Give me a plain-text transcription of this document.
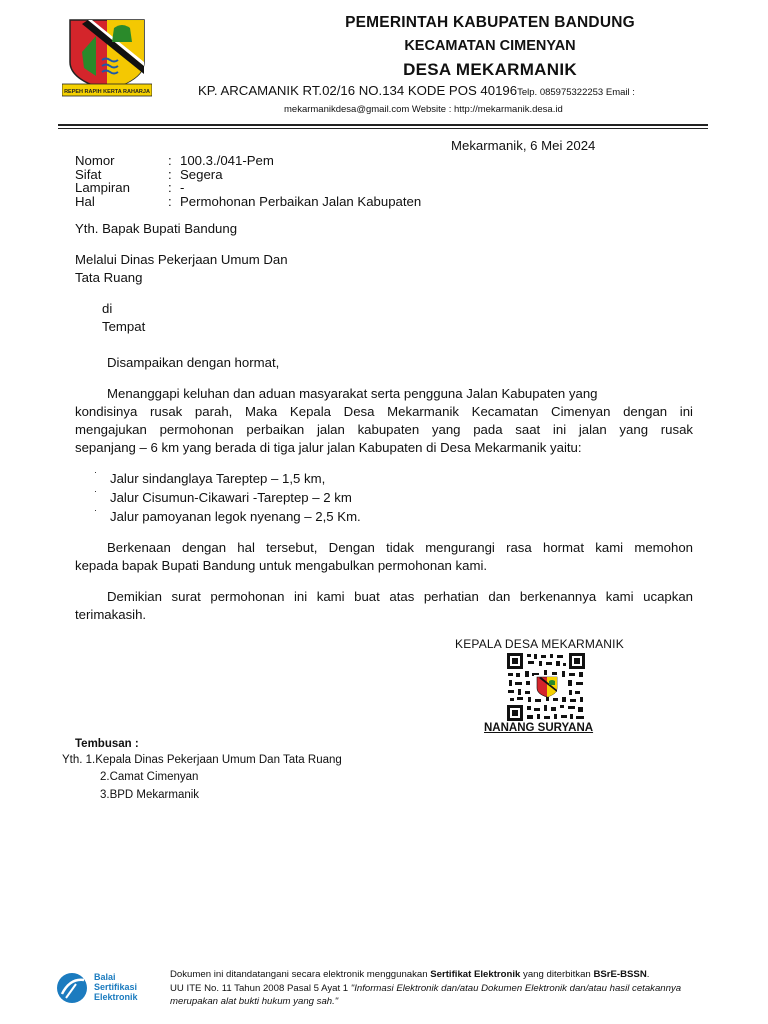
REPEH RAPIH KERTA RAHARJA
PEMERINTAH KABUPATEN BANDUNG
KECAMATAN CIMENYAN
DESA MEKARMANIK
KP. ARCAMANIK RT.02/16 NO.134 KODE POS 40196Telp. 085975322253 Email :
mekarmanikdesa@gmail.com Website : http://mekarmanik.desa.id
Mekarmanik, 6 Mei 2024
Nomor	: 100.3./041-Pem
Sifat	: Segera
Lampiran	: -
Hal	: Permohonan Perbaikan Jalan Kabupaten
Yth. Bapak Bupati Bandung
Melalui Dinas Pekerjaan Umum Dan
Tata Ruang
di
Tempat
Disampaikan dengan hormat,
Menanggapi keluhan dan aduan masyarakat serta pengguna Jalan Kabupaten yang
kondisinya rusak parah, Maka Kepala Desa Mekarmanik Kecamatan Cimenyan dengan ini
mengajukan permohonan perbaikan jalan kabupaten yang pada saat ini jalan yang rusak
sepanjang – 6 km yang berada di tiga jalur jalan Kabupaten di Desa Mekarmanik yaitu:
· Jalur sindanglaya Tareptep – 1,5 km,
· Jalur Cisumun-Cikawari -Tareptep – 2 km
· Jalur pamoyanan legok nyenang – 2,5 Km.
Berkenaan dengan hal tersebut, Dengan tidak mengurangi rasa hormat kami memohon
kepada bapak Bupati Bandung untuk mengabulkan permohonan kami.
Demikian surat permohonan ini kami buat atas perhatian dan berkenannya kami ucapkan
terimakasih.
KEPALA DESA MEKARMANIK
NANANG SURYANA
Tembusan :
Yth. 1.Kepala Dinas Pekerjaan Umum Dan Tata Ruang
2.Camat Cimenyan
3.BPD Mekarmanik
Balai
Sertifikasi
Elektronik
Dokumen ini ditandatangani secara elektronik menggunakan Sertifikat Elektronik yang diterbitkan BSrE-BSSN.
UU ITE No. 11 Tahun 2008 Pasal 5 Ayat 1 "Informasi Elektronik dan/atau Dokumen Elektronik dan/atau hasil cetakannya merupakan alat bukti hukum yang sah."
